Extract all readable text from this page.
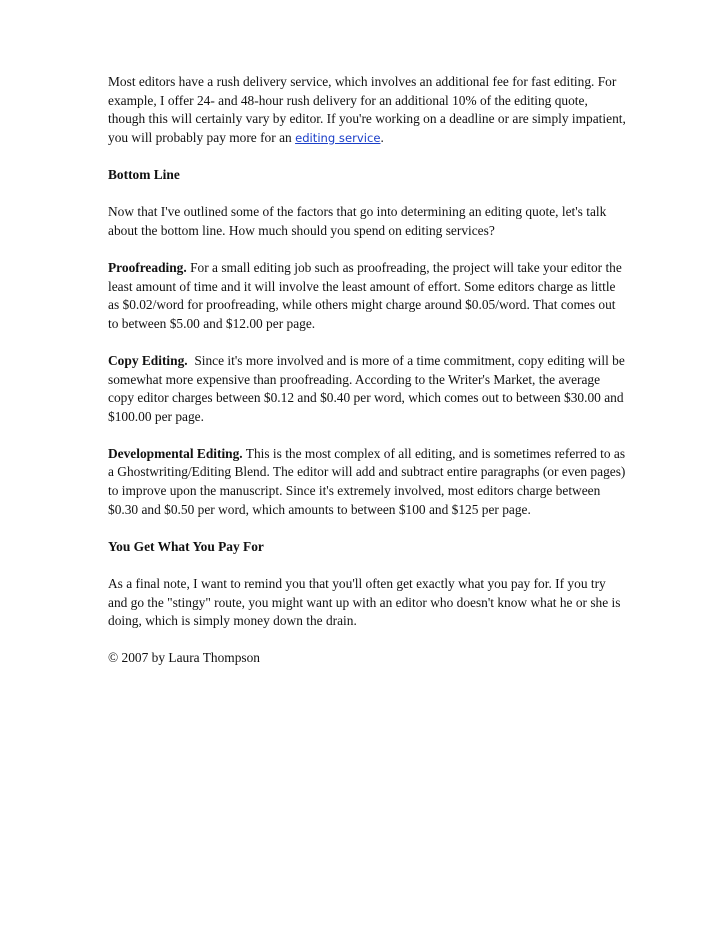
Most editors have a rush delivery service, which involves an additional fee for fast editing. For example, I offer 24- and 48-hour rush delivery for an additional 10% of the editing quote, though this will certainly vary by editor. If you're working on a deadline or are simply impatient, you will probably pay more for an editing service.

Bottom Line

Now that I've outlined some of the factors that go into determining an editing quote, let's talk about the bottom line. How much should you spend on editing services?

Proofreading. For a small editing job such as proofreading, the project will take your editor the least amount of time and it will involve the least amount of effort. Some editors charge as little as $0.02/word for proofreading, while others might charge around $0.05/word. That comes out to between $5.00 and $12.00 per page.

Copy Editing.  Since it's more involved and is more of a time commitment, copy editing will be somewhat more expensive than proofreading. According to the Writer's Market, the average copy editor charges between $0.12 and $0.40 per word, which comes out to between $30.00 and $100.00 per page.

Developmental Editing. This is the most complex of all editing, and is sometimes referred to as a Ghostwriting/Editing Blend. The editor will add and subtract entire paragraphs (or even pages) to improve upon the manuscript. Since it's extremely involved, most editors charge between $0.30 and $0.50 per word, which amounts to between $100 and $125 per page.

You Get What You Pay For

As a final note, I want to remind you that you'll often get exactly what you pay for. If you try and go the "stingy" route, you might want up with an editor who doesn't know what he or she is doing, which is simply money down the drain.

© 2007 by Laura Thompson
